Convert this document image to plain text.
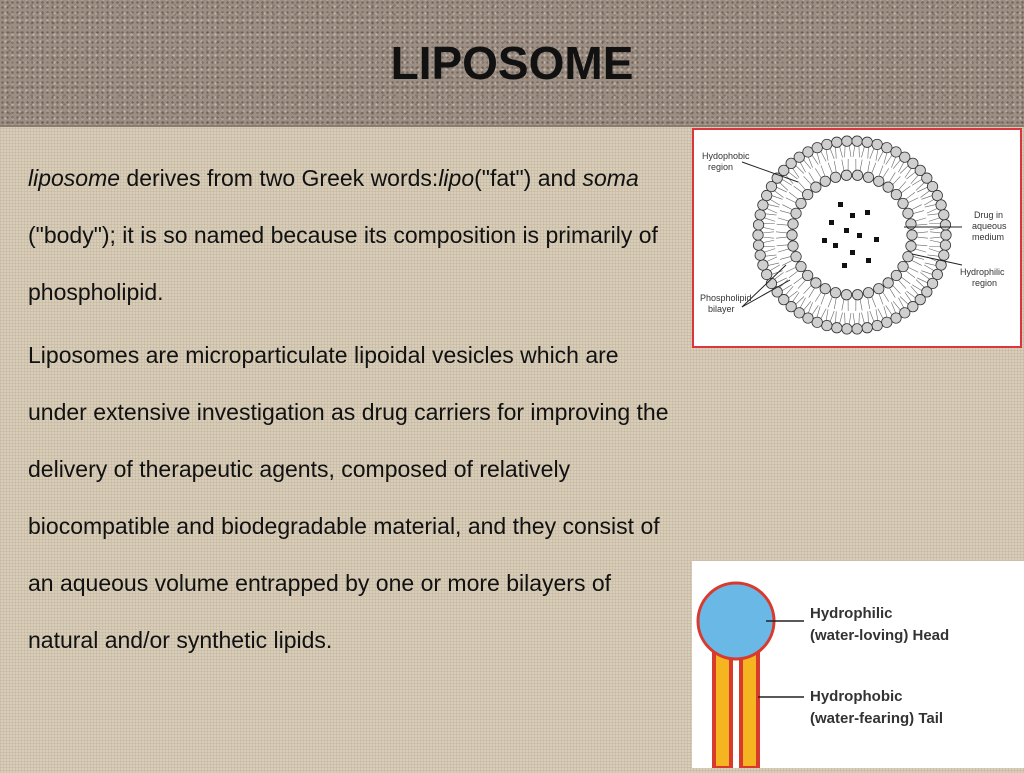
LIPOSOME

liposome derives from two Greek words:lipo("fat") and soma ("body"); it is so named because its composition is primarily of phospholipid.

Liposomes are microparticulate lipoidal vesicles which are under extensive investigation as drug carriers for improving the delivery of therapeutic agents, composed of relatively biocompatible and biodegradable material, and they consist of an aqueous volume entrapped by one or more bilayers of natural and/or synthetic lipids.

Hydophobic region
Drug in aqueous medium
Hydrophilic region
Phospholipid bilayer
Hydrophilic
(water-loving) Head
Hydrophobic
(water-fearing) Tail
